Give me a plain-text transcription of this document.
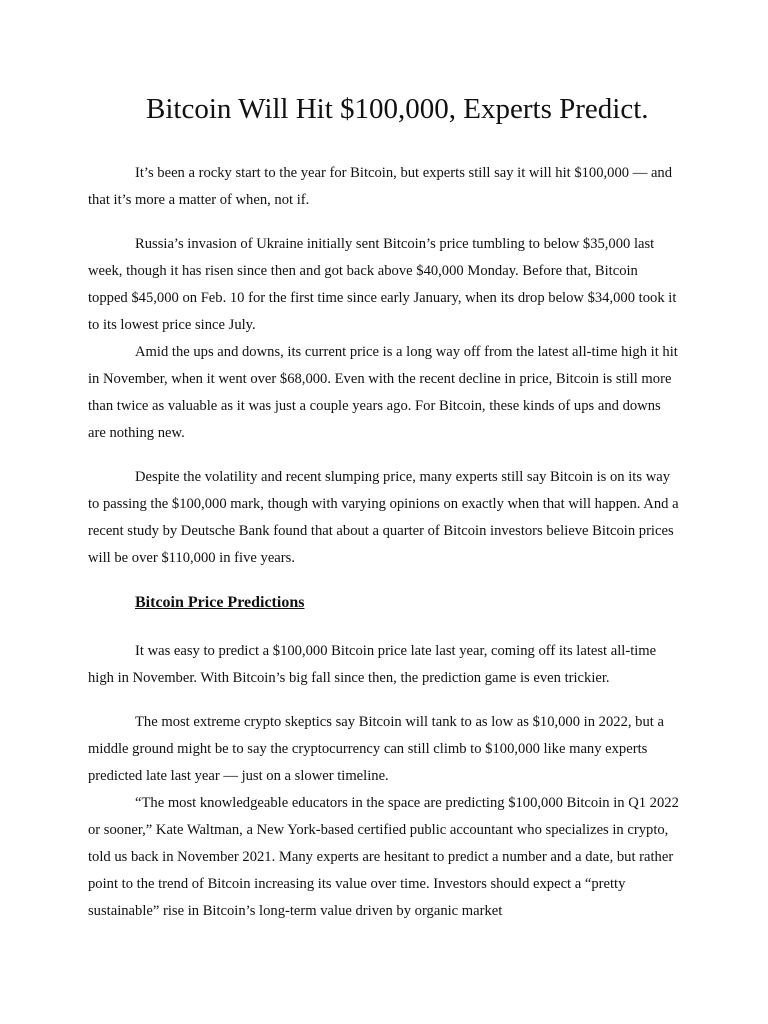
Bitcoin Will Hit $100,000, Experts Predict.

It’s been a rocky start to the year for Bitcoin, but experts still say it will hit $100,000 — and that it’s more a matter of when, not if.

Russia’s invasion of Ukraine initially sent Bitcoin’s price tumbling to below $35,000 last week, though it has risen since then and got back above $40,000 Monday. Before that, Bitcoin topped $45,000 on Feb. 10 for the first time since early January, when its drop below $34,000 took it to its lowest price since July.

Amid the ups and downs, its current price is a long way off from the latest all-time high it hit in November, when it went over $68,000. Even with the recent decline in price, Bitcoin is still more than twice as valuable as it was just a couple years ago. For Bitcoin, these kinds of ups and downs are nothing new.

Despite the volatility and recent slumping price, many experts still say Bitcoin is on its way to passing the $100,000 mark, though with varying opinions on exactly when that will happen. And a recent study by Deutsche Bank found that about a quarter of Bitcoin investors believe Bitcoin prices will be over $110,000 in five years.

Bitcoin Price Predictions

It was easy to predict a $100,000 Bitcoin price late last year, coming off its latest all-time high in November. With Bitcoin’s big fall since then, the prediction game is even trickier.

The most extreme crypto skeptics say Bitcoin will tank to as low as $10,000 in 2022, but a middle ground might be to say the cryptocurrency can still climb to $100,000 like many experts predicted late last year — just on a slower timeline.

“The most knowledgeable educators in the space are predicting $100,000 Bitcoin in Q1 2022 or sooner,” Kate Waltman, a New York-based certified public accountant who specializes in crypto, told us back in November 2021. Many experts are hesitant to predict a number and a date, but rather point to the trend of Bitcoin increasing its value over time. Investors should expect a “pretty sustainable” rise in Bitcoin’s long-term value driven by organic market
